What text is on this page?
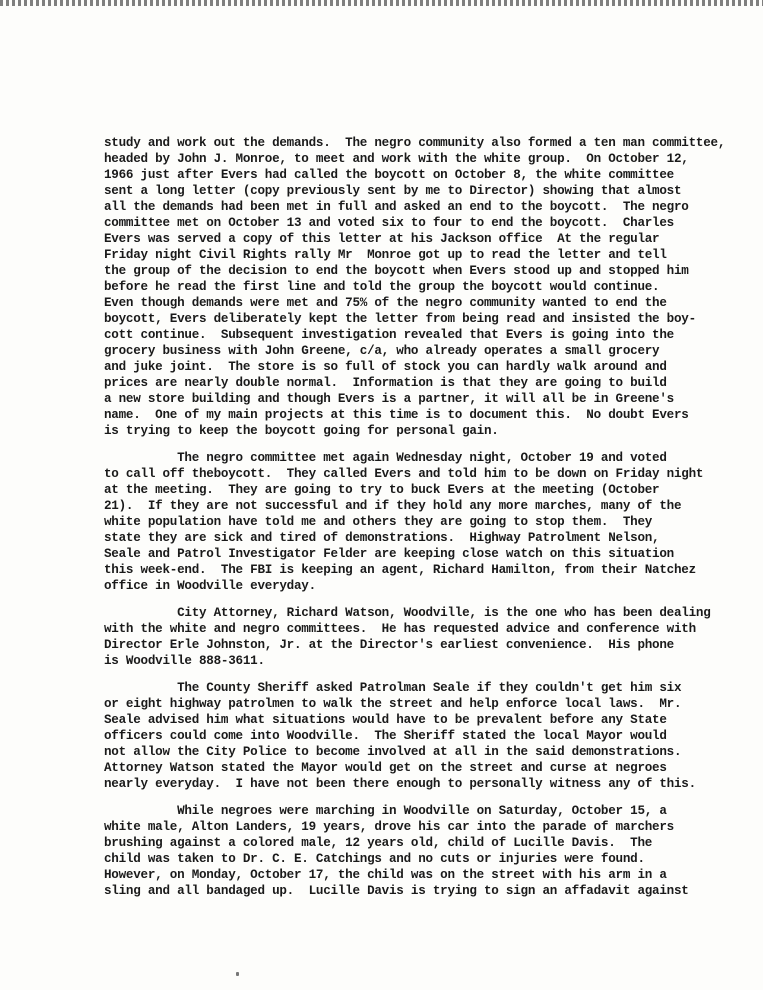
study and work out the demands.  The negro community also formed a ten man committee,
headed by John J. Monroe, to meet and work with the white group.  On October 12,
1966 just after Evers had called the boycott on October 8, the white committee
sent a long letter (copy previously sent by me to Director) showing that almost
all the demands had been met in full and asked an end to the boycott.  The negro
committee met on October 13 and voted six to four to end the boycott.  Charles
Evers was served a copy of this letter at his Jackson office  At the regular
Friday night Civil Rights rally Mr  Monroe got up to read the letter and tell
the group of the decision to end the boycott when Evers stood up and stopped him
before he read the first line and told the group the boycott would continue.
Even though demands were met and 75% of the negro community wanted to end the
boycott, Evers deliberately kept the letter from being read and insisted the boy-
cott continue.  Subsequent investigation revealed that Evers is going into the
grocery business with John Greene, c/a, who already operates a small grocery
and juke joint.  The store is so full of stock you can hardly walk around and
prices are nearly double normal.  Information is that they are going to build
a new store building and though Evers is a partner, it will all be in Greene's
name.  One of my main projects at this time is to document this.  No doubt Evers
is trying to keep the boycott going for personal gain.
The negro committee met again Wednesday night, October 19 and voted
to call off theboycott.  They called Evers and told him to be down on Friday night
at the meeting.  They are going to try to buck Evers at the meeting (October
21).  If they are not successful and if they hold any more marches, many of the
white population have told me and others they are going to stop them.  They
state they are sick and tired of demonstrations.  Highway Patrolment Nelson,
Seale and Patrol Investigator Felder are keeping close watch on this situation
this week-end.  The FBI is keeping an agent, Richard Hamilton, from their Natchez
office in Woodville everyday.
City Attorney, Richard Watson, Woodville, is the one who has been dealing
with the white and negro committees.  He has requested advice and conference with
Director Erle Johnston, Jr. at the Director's earliest convenience.  His phone
is Woodville 888-3611.
The County Sheriff asked Patrolman Seale if they couldn't get him six
or eight highway patrolmen to walk the street and help enforce local laws.  Mr.
Seale advised him what situations would have to be prevalent before any State
officers could come into Woodville.  The Sheriff stated the local Mayor would
not allow the City Police to become involved at all in the said demonstrations.
Attorney Watson stated the Mayor would get on the street and curse at negroes
nearly everyday.  I have not been there enough to personally witness any of this.
While negroes were marching in Woodville on Saturday, October 15, a
white male, Alton Landers, 19 years, drove his car into the parade of marchers
brushing against a colored male, 12 years old, child of Lucille Davis.  The
child was taken to Dr. C. E. Catchings and no cuts or injuries were found.
However, on Monday, October 17, the child was on the street with his arm in a
sling and all bandaged up.  Lucille Davis is trying to sign an affadavit against
